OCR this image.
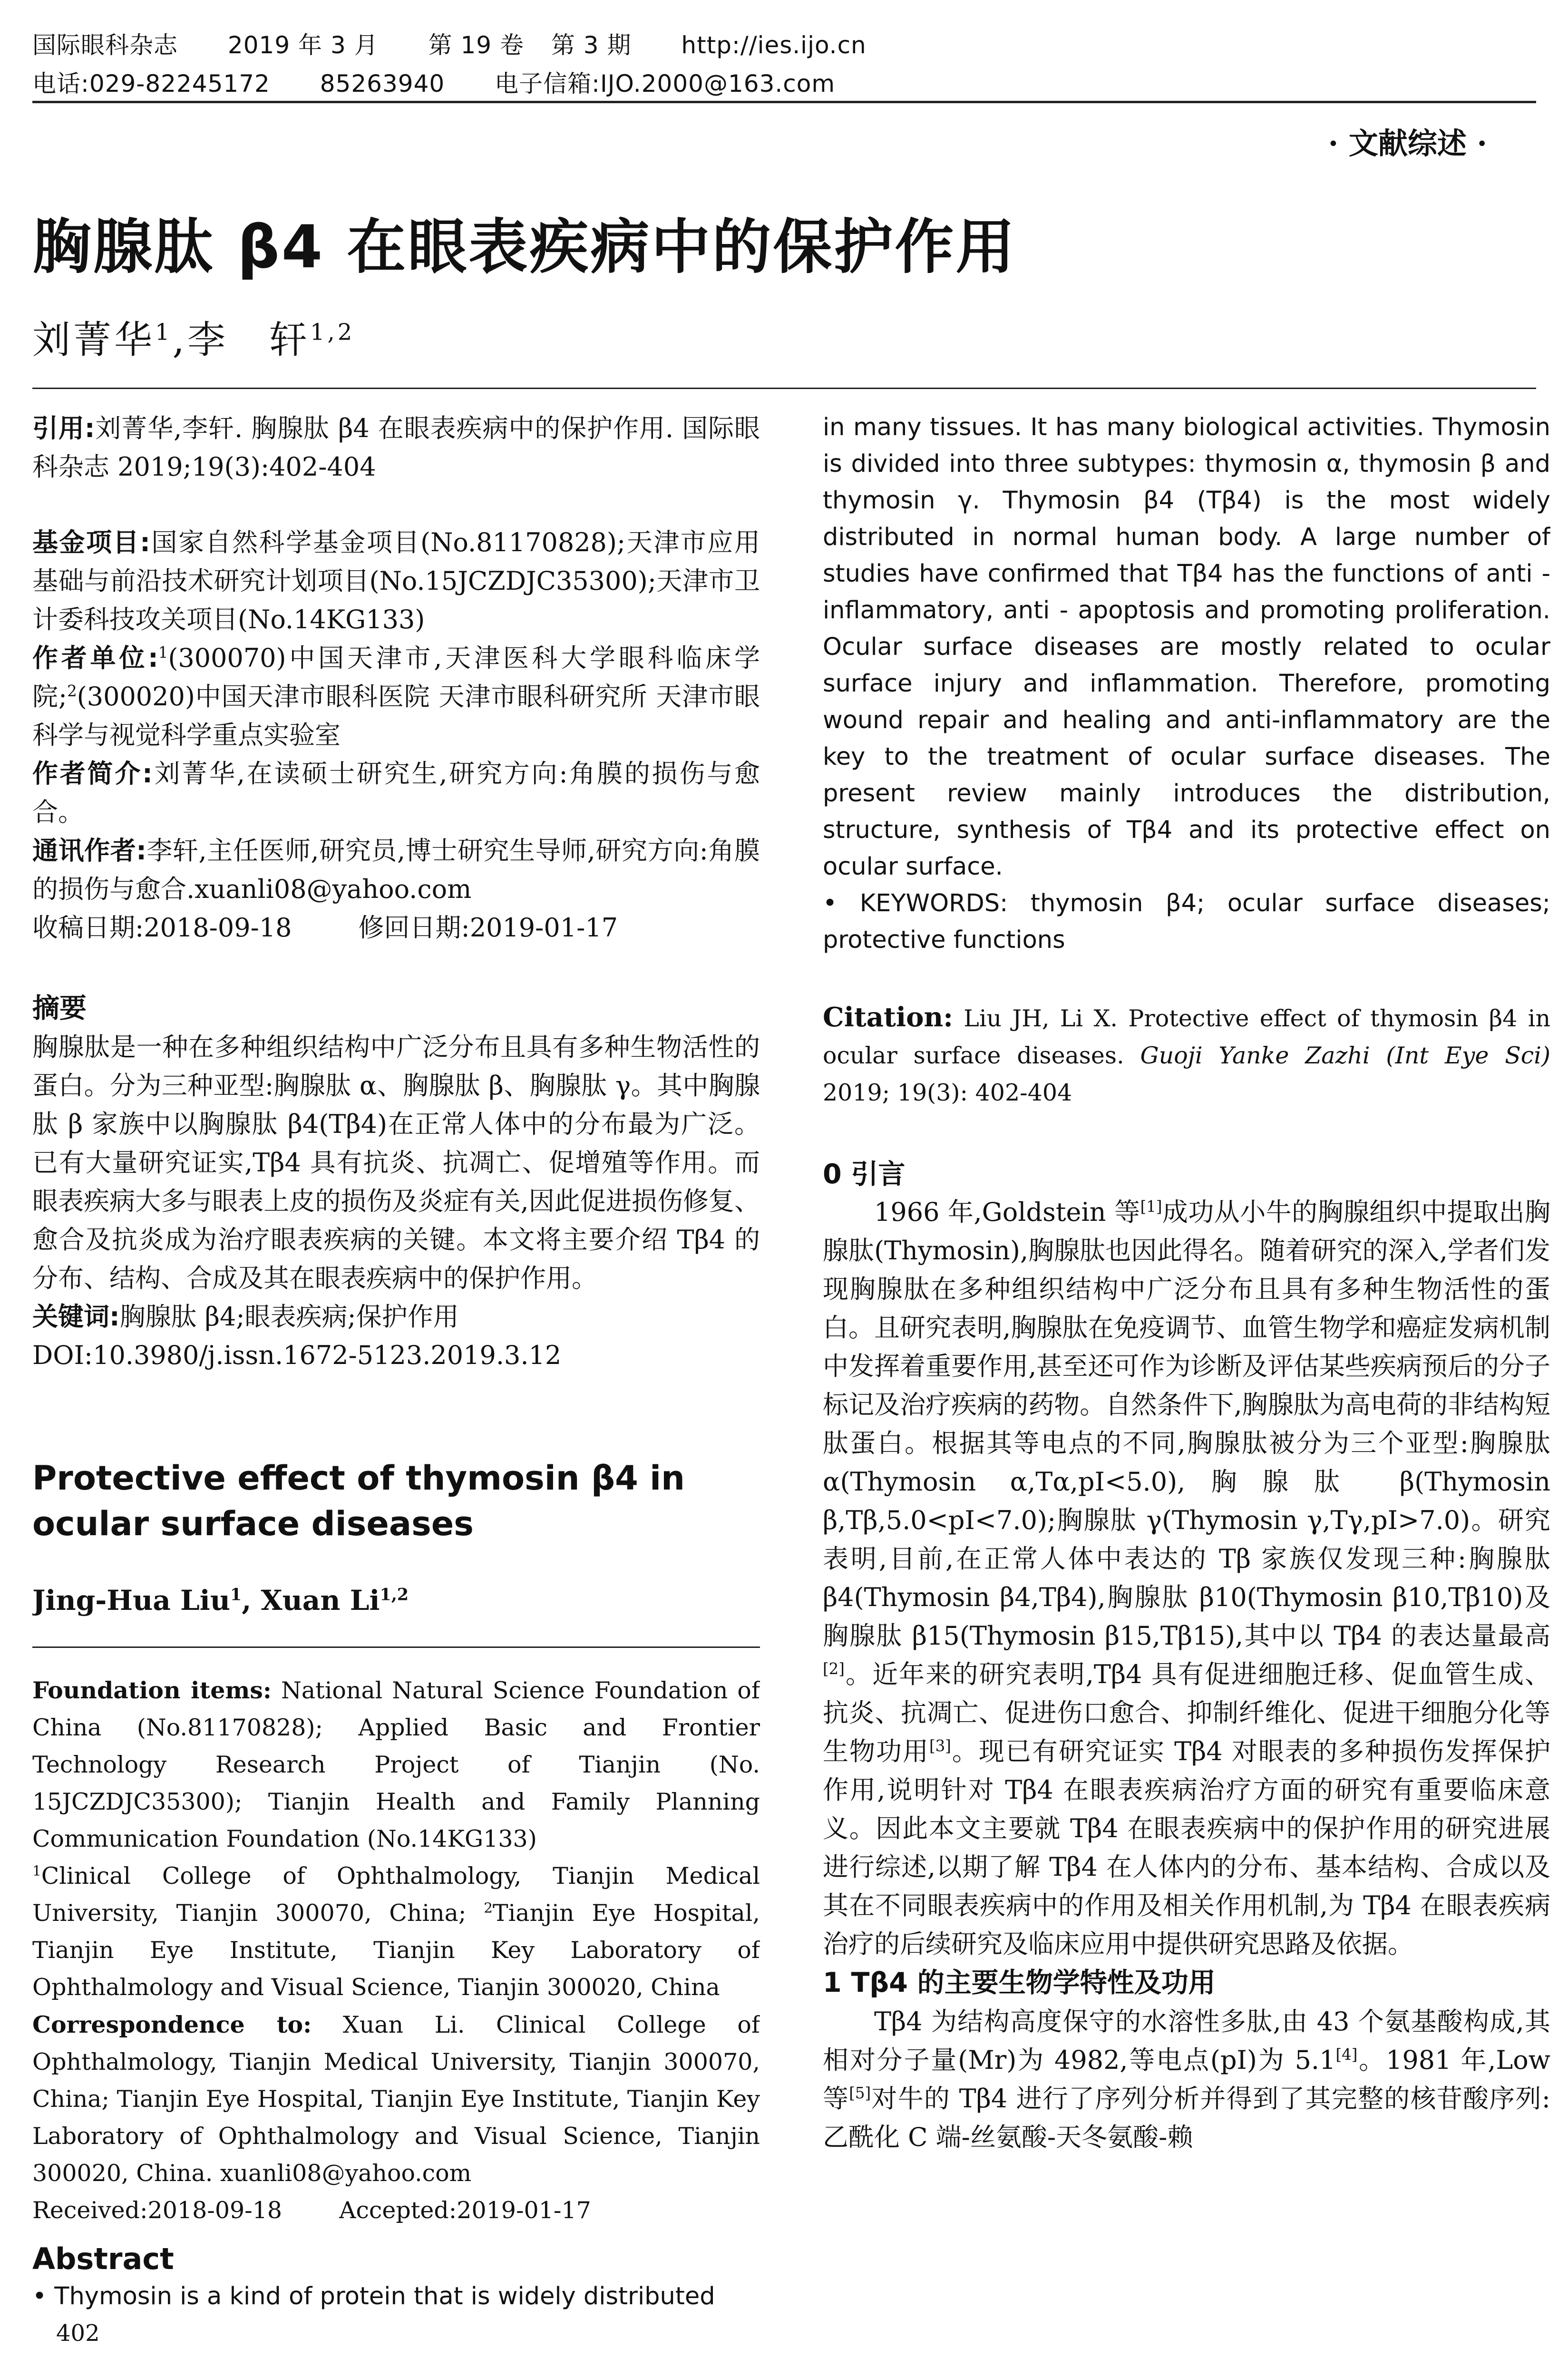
国际眼科杂志 2019 年 3 月 第 19 卷 第 3 期 http://ies.ijo.cn
电话:029-82245172 85263940 电子信箱:IJO.2000@163.com
· 文献综述 ·
胸腺肽 β4 在眼表疾病中的保护作用
刘菁华$^1$,李　轩$^{1,2}$

引用:刘菁华,李轩. 胸腺肽 β4 在眼表疾病中的保护作用. 国际眼科杂志 2019;19(3):402-404

基金项目:国家自然科学基金项目(No.81170828);天津市应用基础与前沿技术研究计划项目(No.15JCZDJC35300);天津市卫计委科技攻关项目(No.14KG133)

作者单位:$^1$(300070)中国天津市,天津医科大学眼科临床学院;$^2$(300020)中国天津市眼科医院 天津市眼科研究所 天津市眼科学与视觉科学重点实验室

作者简介:刘菁华,在读硕士研究生,研究方向:角膜的损伤与愈合。

通讯作者:李轩,主任医师,研究员,博士研究生导师,研究方向:角膜的损伤与愈合.xuanli08@yahoo.com

收稿日期:2018-09-18	修回日期:2019-01-17

摘要

胸腺肽是一种在多种组织结构中广泛分布且具有多种生物活性的蛋白。分为三种亚型:胸腺肽 α、胸腺肽 β、胸腺肽 γ。其中胸腺肽 β 家族中以胸腺肽 β4(Tβ4)在正常人体中的分布最为广泛。已有大量研究证实,Tβ4 具有抗炎、抗凋亡、促增殖等作用。而眼表疾病大多与眼表上皮的损伤及炎症有关,因此促进损伤修复、愈合及抗炎成为治疗眼表疾病的关键。本文将主要介绍 Tβ4 的分布、结构、合成及其在眼表疾病中的保护作用。

关键词:胸腺肽 β4;眼表疾病;保护作用

DOI:10.3980/j.issn.1672-5123.2019.3.12

Protective effect of thymosin β4 in ocular surface diseases

Jing-Hua Liu$^1$, Xuan Li$^{1,2}$

Foundation items: National Natural Science Foundation of China (No.81170828); Applied Basic and Frontier Technology Research Project of Tianjin (No. 15JCZDJC35300); Tianjin Health and Family Planning Communication Foundation (No.14KG133)

$^1$Clinical College of Ophthalmology, Tianjin Medical University, Tianjin 300070, China; $^2$Tianjin Eye Hospital, Tianjin Eye Institute, Tianjin Key Laboratory of Ophthalmology and Visual Science, Tianjin 300020, China

Correspondence to: Xuan Li. Clinical College of Ophthalmology, Tianjin Medical University, Tianjin 300070, China; Tianjin Eye Hospital, Tianjin Eye Institute, Tianjin Key Laboratory of Ophthalmology and Visual Science, Tianjin 300020, China. xuanli08@yahoo.com

Received:2018-09-18 Accepted:2019-01-17

Abstract

• Thymosin is a kind of protein that is widely distributed
402

in many tissues. It has many biological activities. Thymosin is divided into three subtypes: thymosin α, thymosin β and thymosin γ. Thymosin β4 (Tβ4) is the most widely distributed in normal human body. A large number of studies have confirmed that Tβ4 has the functions of anti - inflammatory, anti - apoptosis and promoting proliferation. Ocular surface diseases are mostly related to ocular surface injury and inflammation. Therefore, promoting wound repair and healing and anti-inflammatory are the key to the treatment of ocular surface diseases. The present review mainly introduces the distribution, structure, synthesis of Tβ4 and its protective effect on ocular surface.

• KEYWORDS: thymosin β4; ocular surface diseases; protective functions

Citation: Liu JH, Li X. Protective effect of thymosin β4 in ocular surface diseases. Guoji Yanke Zazhi (Int Eye Sci) 2019; 19(3): 402-404

0 引言

1966 年,Goldstein 等[1]成功从小牛的胸腺组织中提取出胸腺肽(Thymosin),胸腺肽也因此得名。随着研究的深入,学者们发现胸腺肽在多种组织结构中广泛分布且具有多种生物活性的蛋白。且研究表明,胸腺肽在免疫调节、血管生物学和癌症发病机制中发挥着重要作用,甚至还可作为诊断及评估某些疾病预后的分子标记及治疗疾病的药物。自然条件下,胸腺肽为高电荷的非结构短肽蛋白。根据其等电点的不同,胸腺肽被分为三个亚型:胸腺肽 α(Thymosin α,Tα,pI<5.0),胸腺肽 β(Thymosin β,Tβ,5.0<pI<7.0);胸腺肽 γ(Thymosin γ,Tγ,pI>7.0)。研究表明,目前,在正常人体中表达的 Tβ 家族仅发现三种:胸腺肽 β4(Thymosin β4,Tβ4),胸腺肽 β10(Thymosin β10,Tβ10)及胸腺肽 β15(Thymosin β15,Tβ15),其中以 Tβ4 的表达量最高[2]。近年来的研究表明,Tβ4 具有促进细胞迁移、促血管生成、抗炎、抗凋亡、促进伤口愈合、抑制纤维化、促进干细胞分化等生物功用[3]。现已有研究证实 Tβ4 对眼表的多种损伤发挥保护作用,说明针对 Tβ4 在眼表疾病治疗方面的研究有重要临床意义。因此本文主要就 Tβ4 在眼表疾病中的保护作用的研究进展进行综述,以期了解 Tβ4 在人体内的分布、基本结构、合成以及其在不同眼表疾病中的作用及相关作用机制,为 Tβ4 在眼表疾病治疗的后续研究及临床应用中提供研究思路及依据。

1 Tβ4 的主要生物学特性及功用

Tβ4 为结构高度保守的水溶性多肽,由 43 个氨基酸构成,其相对分子量(Mr)为 4982,等电点(pI)为 5.1[4]。1981 年,Low 等[5]对牛的 Tβ4 进行了序列分析并得到了其完整的核苷酸序列:乙酰化 C 端-丝氨酸-天冬氨酸-赖
